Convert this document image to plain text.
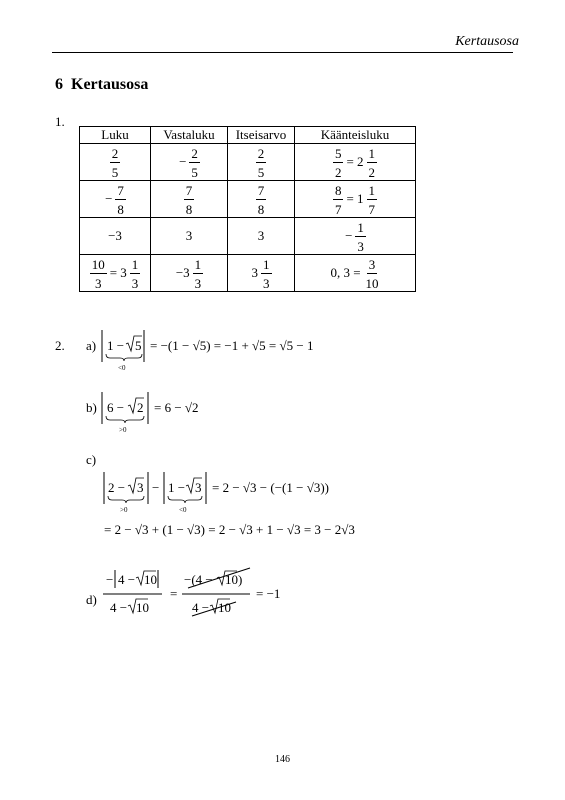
Kertausosa
6 Kertausosa
1.
Luku	Vastaluku	Itseisarvo	Käänteisluku

$\frac{2}{5}$	− $\frac{2}{5}$	$\frac{2}{5}$	$\frac{5}{2} = 2 \frac{1}{2}$

− $\frac{7}{8}$	$\frac{7}{8}$	$\frac{7}{8}$	$\frac{8}{7} = 1 \frac{1}{7}$

−3	3	3	− $\frac{1}{3}$

$\frac{10}{3} = 3 \frac{1}{3}$	$-3 \frac{1}{3}$	$3 \frac{1}{3}$	0, $3 = \frac{3}{10}$
2. a) 1 − 5
<0
= −(1 − √5) = −1 + √5 = √5 − 1
b) 6 − 2
>0
= 6 − √2
c)
2 − 3
>0
− 1 − 3
<0
= 2 − √3 − (−(1 − √3))
= 2 − √3 + (1 − √3) = 2 − √3 + 1 − √3 = 3 − 2√3
d)
− 4 − 10
4 − 10
=
−(4 − 10)
4 − 10
= −1
146
